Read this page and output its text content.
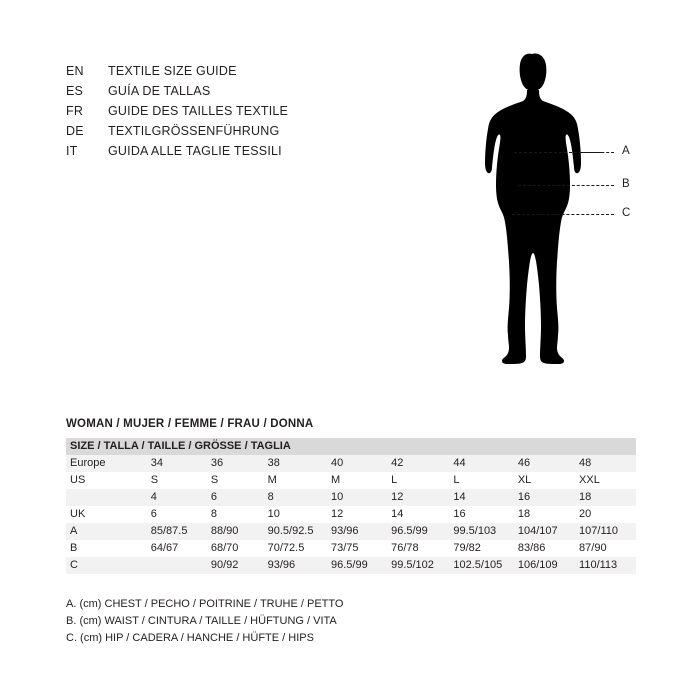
EN	TEXTILE SIZE GUIDE
ES	GUÍA DE TALLAS
FR	GUIDE DES TAILLES TEXTILE
DE	TEXTILGRÖSSENFÜHRUNG
IT	GUIDA ALLE TAGLIE TESSILI	A
B
C
WOMAN / MUJER / FEMME / FRAU / DONNA
SIZE / TALLA / TAILLE / GRÖSSE / TAGLIA								
Europe	34	36	38	40	42	44	46	48
US	S	S	M	M	L	L	XL	XXL
	4	6	8	10	12	14	16	18
UK	6	8	10	12	14	16	18	20
A	85/87.5	88/90	90.5/92.5	93/96	96.5/99	99.5/103	104/107	107/110
B	64/67	68/70	70/72.5	73/75	76/78	79/82	83/86	87/90
C		90/92	93/96	96.5/99	99.5/102	102.5/105	106/109	110/113
A. (cm) CHEST / PECHO / POITRINE / TRUHE / PETTO
B. (cm) WAIST / CINTURA / TAILLE / HÜFTUNG / VITA
C. (cm) HIP / CADERA / HANCHE / HÜFTE / HIPS
